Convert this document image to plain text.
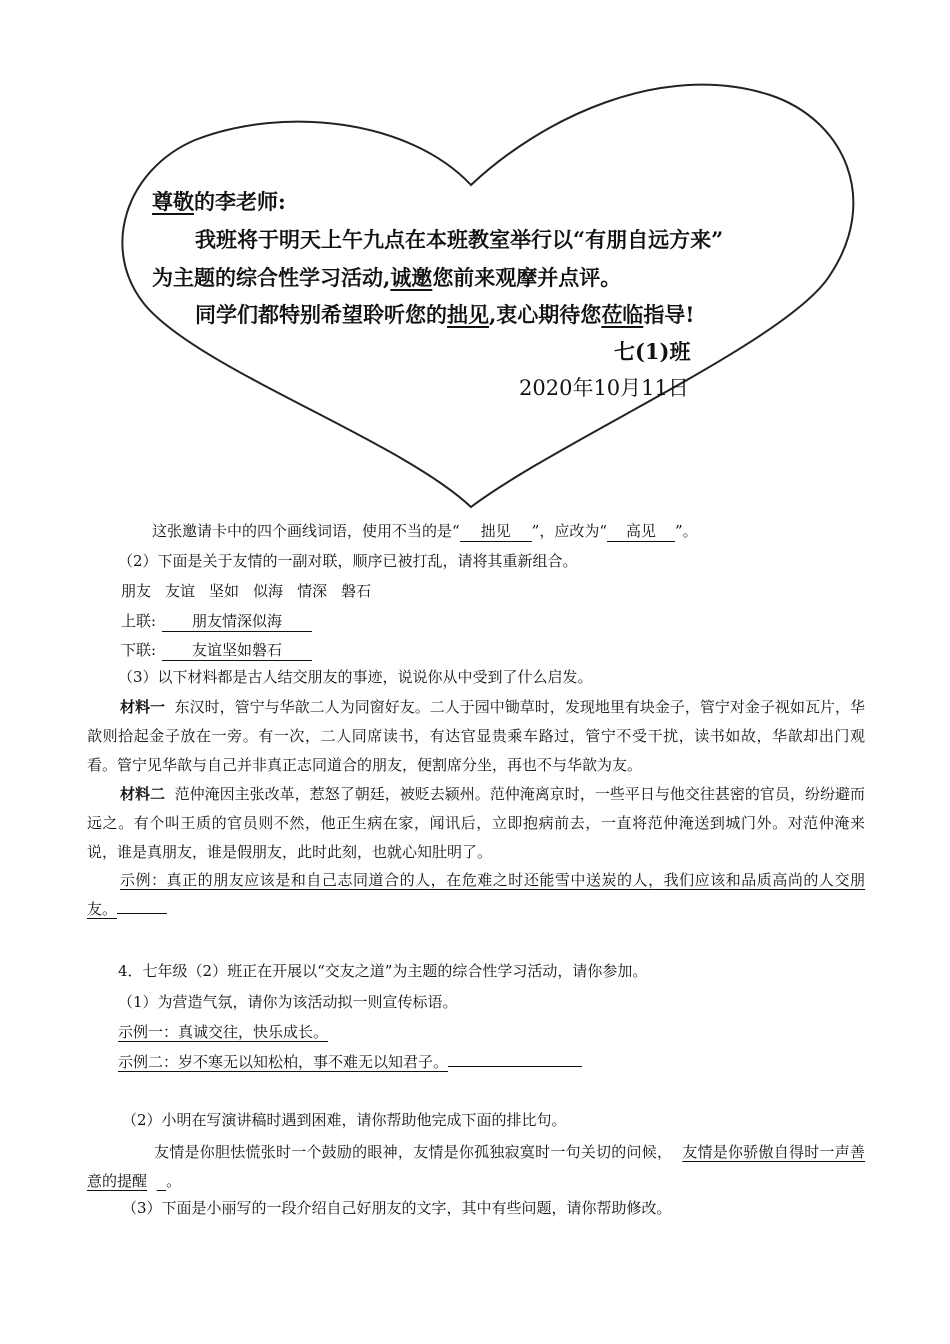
尊敬的李老师:
我班将于明天上午九点在本班教室举行以“有朋自远方来”
为主题的综合性学习活动,诚邀您前来观摩并点评。
同学们都特别希望聆听您的拙见,衷心期待您莅临指导!
七(1)班
2020年10月11日
这张邀请卡中的四个画线词语，使用不当的是“ 拙见 ”，应改为“ 高见 ”。
（2）下面是关于友情的一副对联，顺序已被打乱，请将其重新组合。
朋友 友谊 坚如 似海 情深 磐石
上联: 朋友情深似海
下联: 友谊坚如磐石
（3）以下材料都是古人结交朋友的事迹，说说你从中受到了什么启发。
材料一 东汉时，管宁与华歆二人为同窗好友。二人于园中锄草时，发现地里有块金子，管宁对金子视如瓦片，华歆则拾起金子放在一旁。有一次，二人同席读书，有达官显贵乘车路过，管宁不受干扰，读书如故，华歆却出门观看。管宁见华歆与自己并非真正志同道合的朋友，便割席分坐，再也不与华歆为友。
材料二 范仲淹因主张改革，惹怒了朝廷，被贬去颍州。范仲淹离京时，一些平日与他交往甚密的官员，纷纷避而远之。有个叫王质的官员则不然，他正生病在家，闻讯后，立即抱病前去，一直将范仲淹送到城门外。对范仲淹来说，谁是真朋友，谁是假朋友，此时此刻，也就心知肚明了。
示例：真正的朋友应该是和自己志同道合的人，在危难之时还能雪中送炭的人，我们应该和品质高尚的人交朋友。
4．七年级（2）班正在开展以“交友之道”为主题的综合性学习活动，请你参加。
（1）为营造气氛，请你为该活动拟一则宣传标语。
示例一：真诚交往，快乐成长。
示例二：岁不寒无以知松柏，事不难无以知君子。
（2）小明在写演讲稿时遇到困难，请你帮助他完成下面的排比句。
友情是你胆怯慌张时一个鼓励的眼神，友情是你孤独寂寞时一句关切的问候， 友情是你骄傲自得时一声善意的提醒 。
（3）下面是小丽写的一段介绍自己好朋友的文字，其中有些问题，请你帮助修改。
